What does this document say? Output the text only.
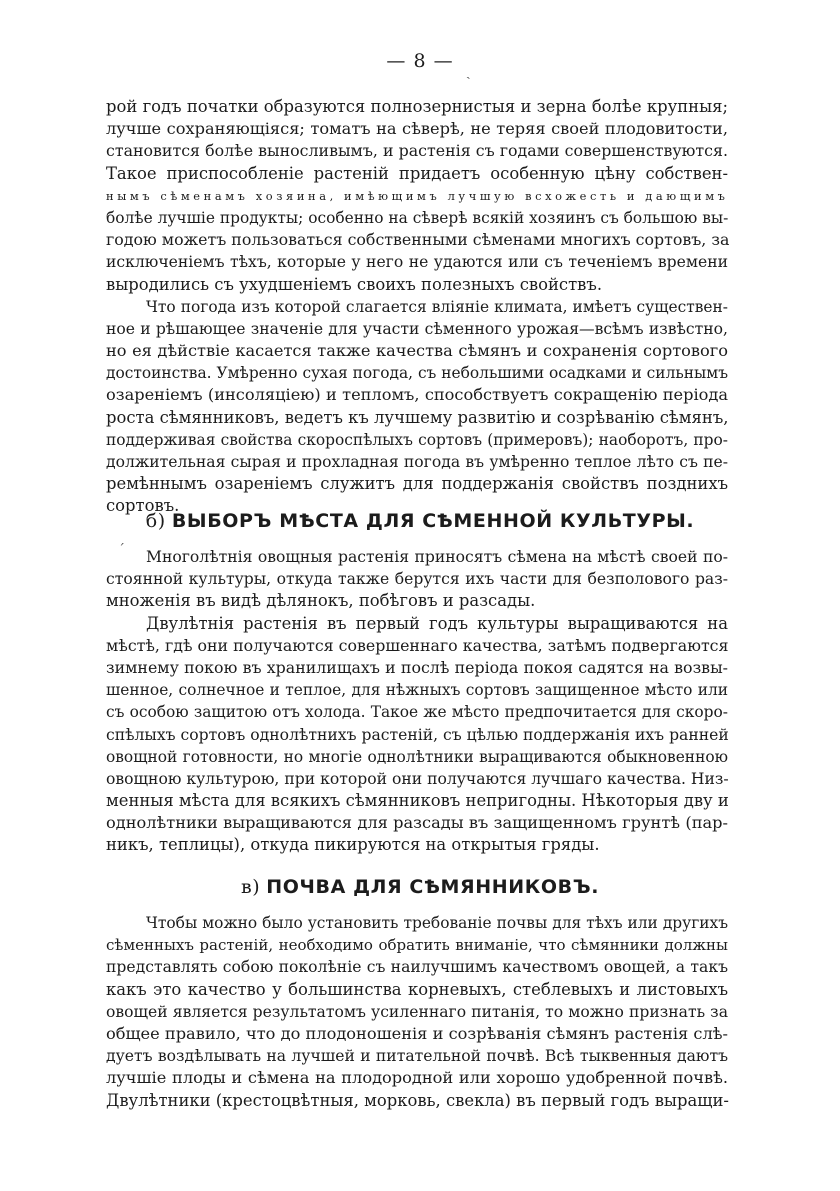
— 8 — ˎ
рой годъ початки образуются полнозернистыя и зерна болѣе крупныя;
лучше сохраняющіяся; томатъ на сѣверѣ, не теряя своей плодовитости,
становится болѣе выносливымъ, и растенія съ годами совершенствуются.
Такое приспособленіе растеній придаетъ особенную цѣну собствен-
нымъ сѣменамъ хозяина, имѣющимъ лучшую всхожесть и дающимъ
болѣе лучшіе продукты; особенно на сѣверѣ всякій хозяинъ съ большою вы-
годою можетъ пользоваться собственными сѣменами многихъ сортовъ, за
исключеніемъ тѣхъ, которые у него не удаются или съ теченіемъ времени
выродились съ ухудшеніемъ своихъ полезныхъ свойствъ.
Что погода изъ которой слагается вліяніе климата, имѣетъ существен-
ное и рѣшающее значеніе для участи сѣменного урожая—всѣмъ извѣстно,
но ея дѣйствіе касается также качества сѣмянъ и сохраненія сортового
достоинства. Умѣренно сухая погода, съ небольшими осадками и сильнымъ
озареніемъ (инсоляціею) и тепломъ, способствуетъ сокращенію періода
роста сѣмянниковъ, ведетъ къ лучшему развитію и созрѣванію сѣмянъ,
поддерживая свойства скороспѣлыхъ сортовъ (примеровъ); наоборотъ, про-
должительная сырая и прохладная погода въ умѣренно теплое лѣто съ пе-
ремѣннымъ озареніемъ служитъ для поддержанія свойствъ позднихъ
сортовъ.
б) ВЫБОРЪ МѢСТА ДЛЯ СѢМЕННОЙ КУЛЬТУРЫ.
ˊ	Многолѣтнія овощныя растенія приносятъ сѣмена на мѣстѣ своей по-
стоянной культуры, откуда также берутся ихъ части для безполового раз-
множенія въ видѣ дѣлянокъ, побѣговъ и разсады.
Двулѣтнія растенія въ первый годъ культуры выращиваются на
мѣстѣ, гдѣ они получаются совершеннаго качества, затѣмъ подвергаются
зимнему покою въ хранилищахъ и послѣ періода покоя садятся на возвы-
шенное, солнечное и теплое, для нѣжныхъ сортовъ защищенное мѣсто или
съ особою защитою отъ холода. Такое же мѣсто предпочитается для скоро-
спѣлыхъ сортовъ однолѣтнихъ растеній, съ цѣлью поддержанія ихъ ранней
овощной готовности, но многіе однолѣтники выращиваются обыкновенною
овощною культурою, при которой они получаются лучшаго качества. Низ-
менныя мѣста для всякихъ сѣмянниковъ непригодны. Нѣкоторыя дву и
однолѣтники выращиваются для разсады въ защищенномъ грунтѣ (пар-
никъ, теплицы), откуда пикируются на открытыя гряды.
в) ПОЧВА ДЛЯ СѢМЯННИКОВЪ.
Чтобы можно было установить требованіе почвы для тѣхъ или другихъ
сѣменныхъ растеній, необходимо обратить вниманіе, что сѣмянники должны
представлять собою поколѣніе съ наилучшимъ качествомъ овощей, а такъ
какъ это качество у большинства корневыхъ, стеблевыхъ и листовыхъ
овощей является результатомъ усиленнаго питанія, то можно признать за
общее правило, что до плодоношенія и созрѣванія сѣмянъ растенія слѣ-
дуетъ воздѣлывать на лучшей и питательной почвѣ. Всѣ тыквенныя даютъ
лучшіе плоды и сѣмена на плодородной или хорошо удобренной почвѣ.
Двулѣтники (крестоцвѣтныя, морковь, свекла) въ первый годъ выращи-
